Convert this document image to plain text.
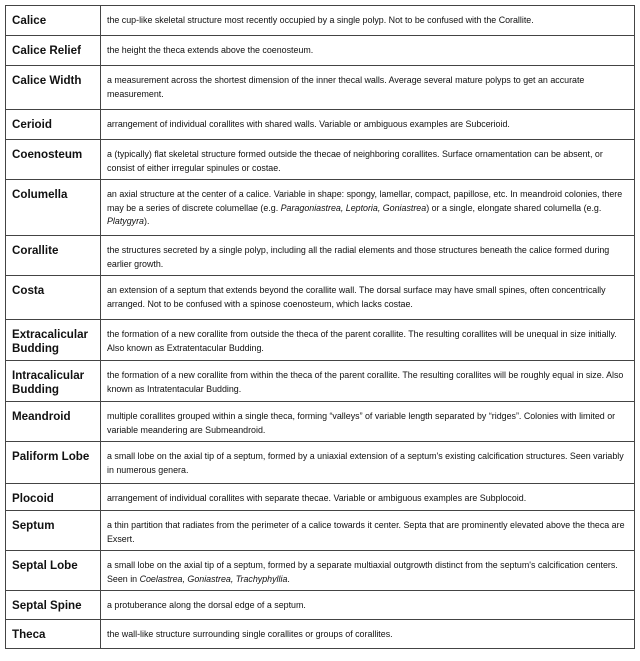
Calice	the cup-like skeletal structure most recently occupied by a single polyp. Not to be confused with the Corallite.
Calice Relief	the height the theca extends above the coenosteum.
Calice Width	a measurement across the shortest dimension of the inner thecal walls. Average several mature polyps to get an accurate measurement.
Cerioid	arrangement of individual corallites with shared walls. Variable or ambiguous examples are Subcerioid.
Coenosteum	a (typically) flat skeletal structure formed outside the thecae of neighboring corallites. Surface ornamentation can be absent, or consist of either irregular spinules or costae.
Columella	an axial structure at the center of a calice. Variable in shape: spongy, lamellar, compact, papillose, etc. In meandroid colonies, there may be a series of discrete columellae (e.g. Paragoniastrea, Leptoria, Goniastrea) or a single, elongate shared columella (e.g. Platygyra).
Corallite	the structures secreted by a single polyp, including all the radial elements and those structures beneath the calice formed during earlier growth.
Costa	an extension of a septum that extends beyond the corallite wall. The dorsal surface may have small spines, often concentrically arranged. Not to be confused with a spinose coenosteum, which lacks costae.
Extracalicular Budding	the formation of a new corallite from outside the theca of the parent corallite. The resulting corallites will be unequal in size initially. Also known as Extratentacular Budding.
Intracalicular Budding	the formation of a new corallite from within the theca of the parent corallite. The resulting corallites will be roughly equal in size. Also known as Intratentacular Budding.
Meandroid	multiple corallites grouped within a single theca, forming “valleys” of variable length separated by “ridges”. Colonies with limited or variable meandering are Submeandroid.
Paliform Lobe	a small lobe on the axial tip of a septum, formed by a uniaxial extension of a septum's existing calcification structures. Seen variably in numerous genera.
Plocoid	arrangement of individual corallites with separate thecae. Variable or ambiguous examples are Subplocoid.
Septum	a thin partition that radiates from the perimeter of a calice towards it center. Septa that are prominently elevated above the theca are Exsert.
Septal Lobe	a small lobe on the axial tip of a septum, formed by a separate multiaxial outgrowth distinct from the septum's calcification centers. Seen in Coelastrea, Goniastrea, Trachyphyllia.
Septal Spine	a protuberance along the dorsal edge of a septum.
Theca	the wall-like structure surrounding single corallites or groups of corallites.
